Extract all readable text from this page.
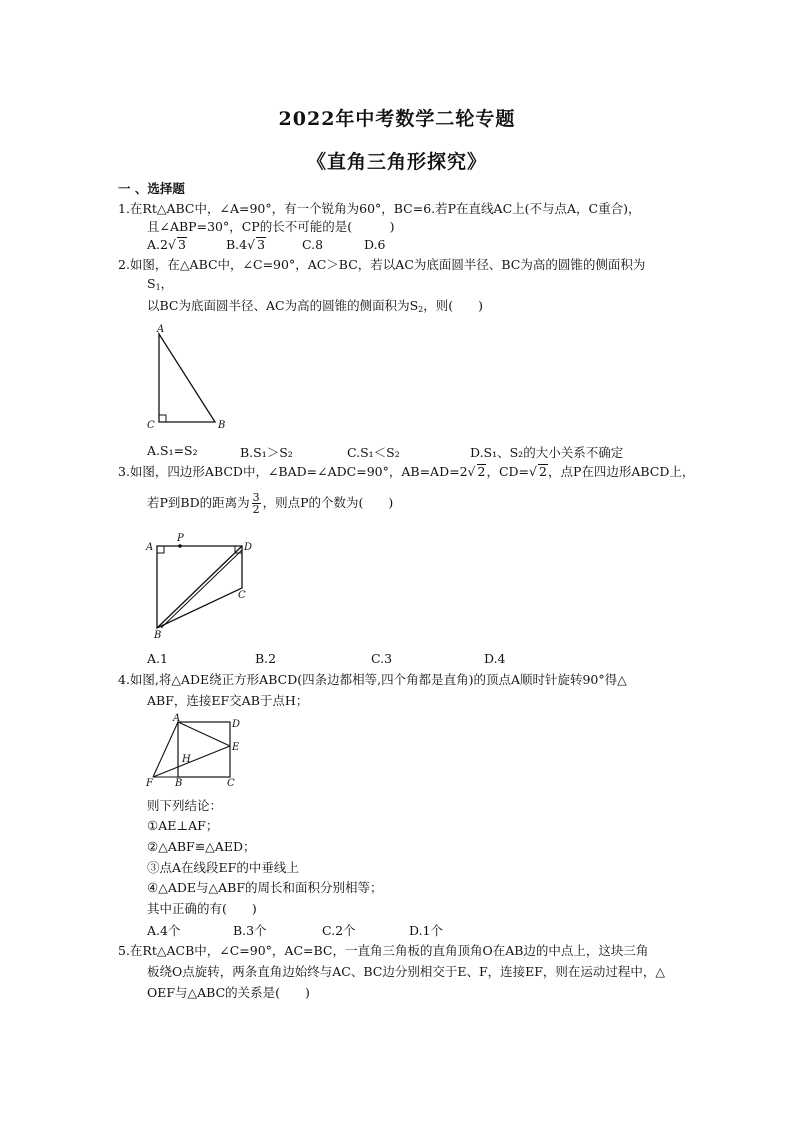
2022年中考数学二轮专题
《直角三角形探究》
一 、选择题
1.在Rt△ABC中，∠A=90°，有一个锐角为60°，BC=6.若P在直线AC上(不与点A，C重合)，
且∠ABP=30°，CP的长不可能的是(　　　)
A.2√ 3	B.4√ 3	C.8	D.6
2.如图，在△ABC中，∠C=90°，AC＞BC，若以AC为底面圆半径、BC为高的圆锥的侧面积为
$S_1$，
以BC为底面圆半径、AC为高的圆锥的侧面积为$S_2$，则(　　)
A
C	B
A.S₁=S₂	B.S₁＞S₂	C.S₁＜S₂	D.S₁、S₂的大小关系不确定
3.如图，四边形ABCD中，∠BAD=∠ADC=90°，AB=AD=2√ 2，CD=√ 2，点P在四边形ABCD上，
若P到BD的距离为 $\frac{3}{2}$ ，则点P的个数为(　　)
A
P
D
C
B
A.1	B.2	C.3	D.4
4.如图,将△ADE绕正方形ABCD(四条边都相等,四个角都是直角)的顶点A顺时针旋转90°得△
ABF，连接EF交AB于点H；
A
D
E
H
F B	C
则下列结论：
①AE⊥AF；
②△ABF≌△AED；
③点A在线段EF的中垂线上
④△ADE与△ABF的周长和面积分别相等；
其中正确的有(　　)
A.4个	B.3个	C.2个	D.1个
5.在Rt△ACB中，∠C=90°，AC=BC，一直角三角板的直角顶角O在AB边的中点上，这块三角
板绕O点旋转，两条直角边始终与AC、BC边分别相交于E、F，连接EF，则在运动过程中，△
OEF与△ABC的关系是(　　)
